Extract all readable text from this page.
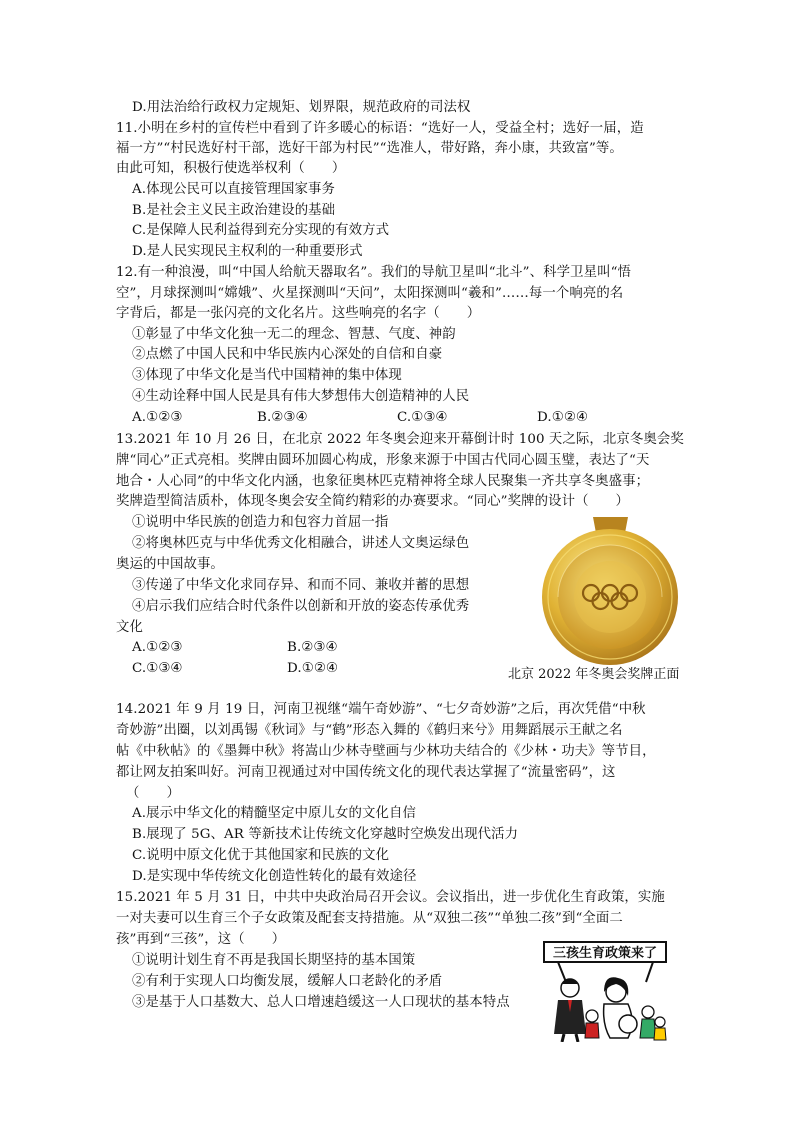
D.用法治给行政权力定规矩、划界限，规范政府的司法权
11.小明在乡村的宣传栏中看到了许多暖心的标语：“选好一人，受益全村；选好一届，造
福一方”“村民选好村干部，选好干部为村民”“选准人，带好路，奔小康，共致富”等。
由此可知，积极行使选举权利（　　）
A.体现公民可以直接管理国家事务
B.是社会主义民主政治建设的基础
C.是保障人民利益得到充分实现的有效方式
D.是人民实现民主权利的一种重要形式
12.有一种浪漫，叫“中国人给航天器取名”。我们的导航卫星叫“北斗”、科学卫星叫“悟
空”，月球探测叫“嫦娥”、火星探测叫“天问”，太阳探测叫“羲和”……每一个响亮的名
字背后，都是一张闪亮的文化名片。这些响亮的名字（　　）
①彰显了中华文化独一无二的理念、智慧、气度、神韵
②点燃了中国人民和中华民族内心深处的自信和自豪
③体现了中华文化是当代中国精神的集中体现
④生动诠释中国人民是具有伟大梦想伟大创造精神的人民
A.①②③	B.②③④	C.①③④	D.①②④
13.2021 年 10 月 26 日，在北京 2022 年冬奥会迎来开幕倒计时 100 天之际，北京冬奥会奖
牌“同心”正式亮相。奖牌由圆环加圆心构成，形象来源于中国古代同心圆玉璧，表达了“天
地合・人心同”的中华文化内涵，也象征奥林匹克精神将全球人民聚集一齐共享冬奥盛事；
奖牌造型简洁质朴，体现冬奥会安全简约精彩的办赛要求。“同心”奖牌的设计（　　）
①说明中华民族的创造力和包容力首屈一指
②将奥林匹克与中华优秀文化相融合，讲述人文奥运绿色
奥运的中国故事。
③传递了中华文化求同存异、和而不同、兼收并蓄的思想
④启示我们应结合时代条件以创新和开放的姿态传承优秀
文化
A.①②③	B.②③④
C.①③④	D.①②④	北京 2022 年冬奥会奖牌正面
14.2021 年 9 月 19 日，河南卫视继“端午奇妙游”、“七夕奇妙游”之后，再次凭借“中秋
奇妙游”出圈，以刘禹锡《秋词》与“鹤”形态入舞的《鹤归来兮》用舞蹈展示王献之名
帖《中秋帖》的《墨舞中秋》将嵩山少林寺壁画与少林功夫结合的《少林・功夫》等节目，
都让网友拍案叫好。河南卫视通过对中国传统文化的现代表达掌握了“流量密码”，这
（　　）
A.展示中华文化的精髓坚定中原儿女的文化自信
B.展现了 5G、AR 等新技术让传统文化穿越时空焕发出现代活力
C.说明中原文化优于其他国家和民族的文化
D.是实现中华传统文化创造性转化的最有效途径
15.2021 年 5 月 31 日，中共中央政治局召开会议。会议指出，进一步优化生育政策，实施
一对夫妻可以生育三个子女政策及配套支持措施。从“双独二孩”“单独二孩”到“全面二
孩”再到“三孩”，这（　　）
①说明计划生育不再是我国长期坚持的基本国策
②有利于实现人口均衡发展，缓解人口老龄化的矛盾
③是基于人口基数大、总人口增速趋缓这一人口现状的基本特点
三孩生育政策来了
